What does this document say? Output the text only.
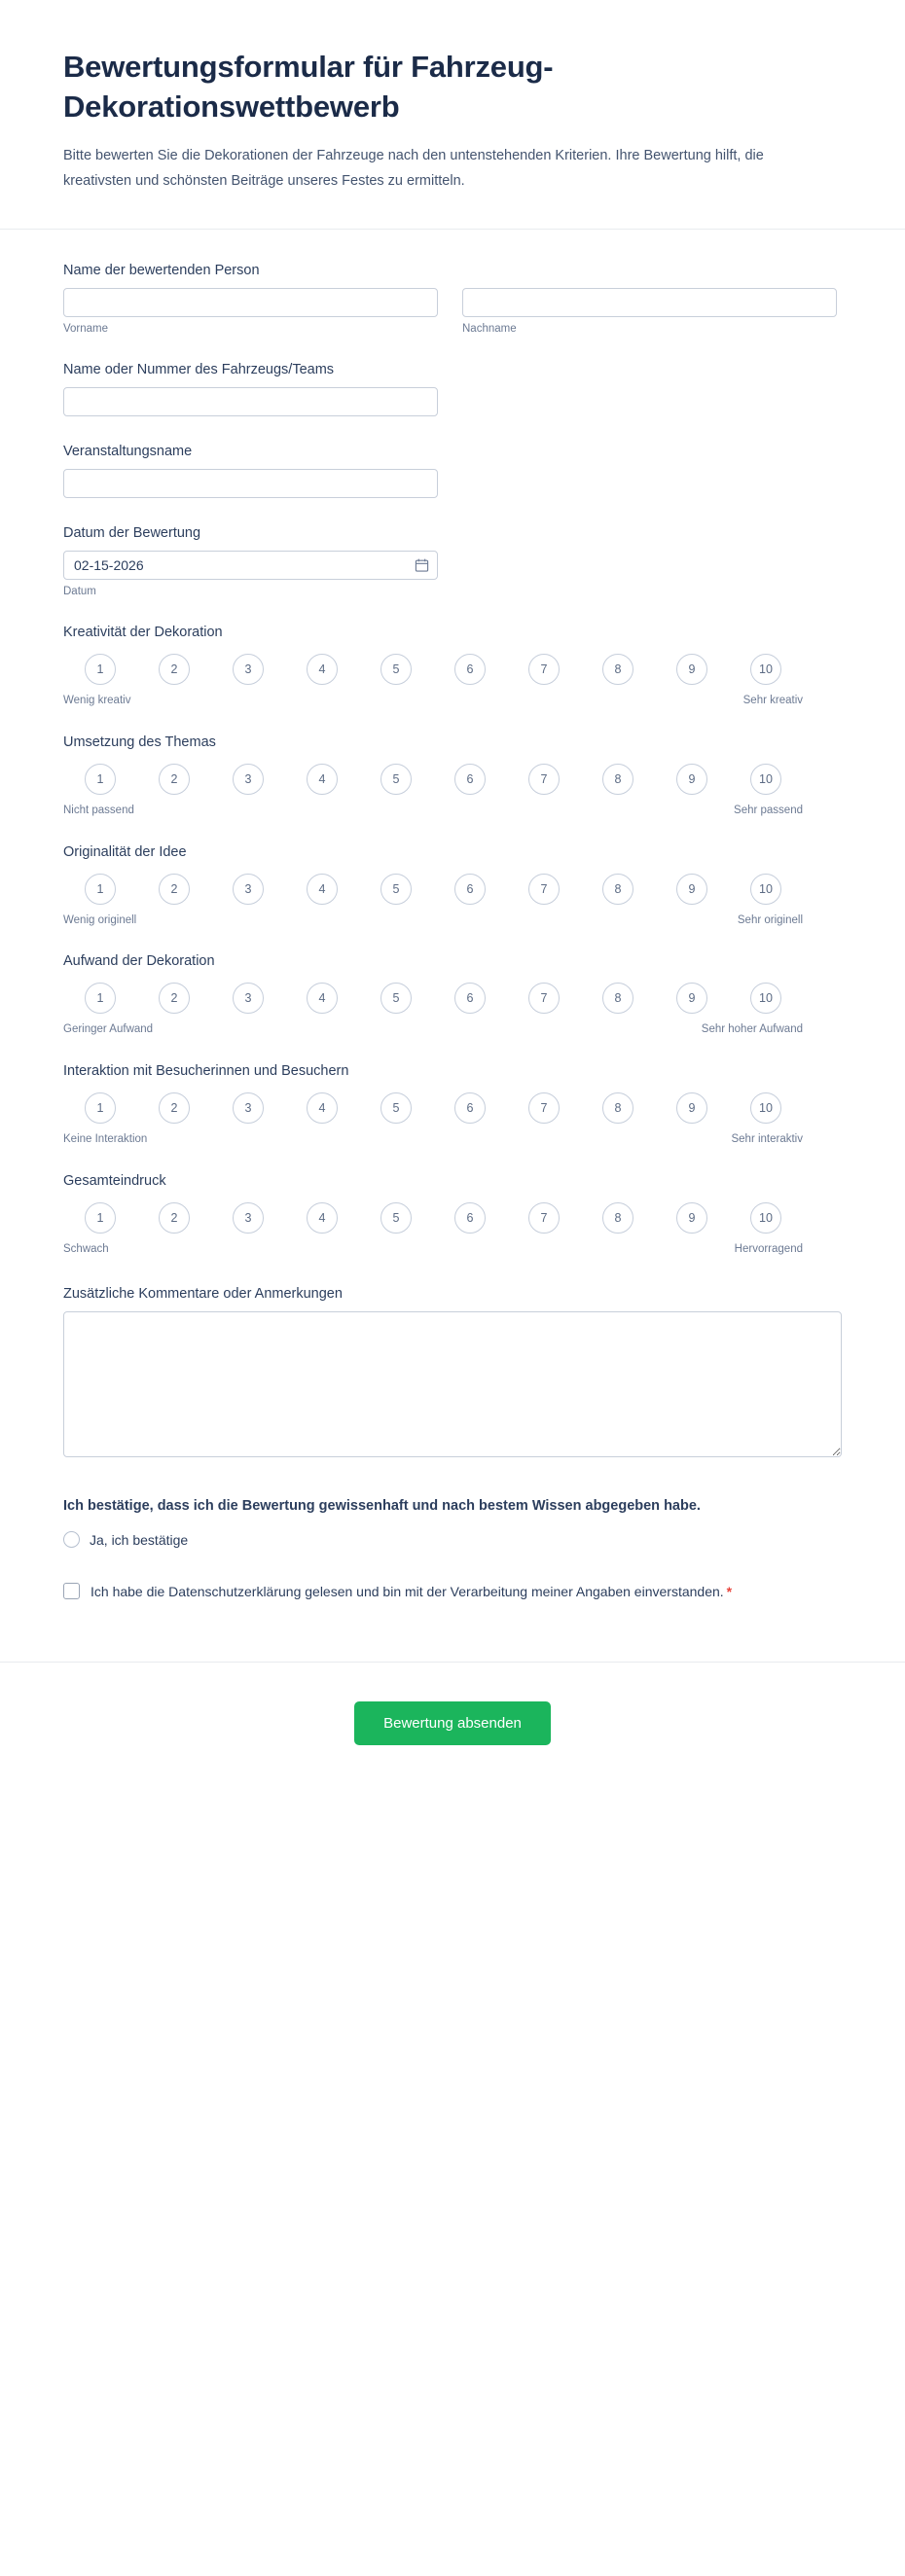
Bewertungsformular für Fahrzeug-Dekorationswettbewerb

Bitte bewerten Sie die Dekorationen der Fahrzeuge nach den untenstehenden Kriterien. Ihre Bewertung hilft, die kreativsten und schönsten Beiträge unseres Festes zu ermitteln.

Name der bewertenden Person
Vorname	Nachname
Name oder Nummer des Fahrzeugs/Teams
Veranstaltungsname
Datum der Bewertung
02-15-2026
Datum
Kreativität der Dekoration
1	2	3	4	5	6	7	8	9	10
Wenig kreativ	Sehr kreativ
Umsetzung des Themas
1	2	3	4	5	6	7	8	9	10
Nicht passend	Sehr passend
Originalität der Idee
1	2	3	4	5	6	7	8	9	10
Wenig originell	Sehr originell
Aufwand der Dekoration
1	2	3	4	5	6	7	8	9	10
Geringer Aufwand	Sehr hoher Aufwand
Interaktion mit Besucherinnen und Besuchern
1	2	3	4	5	6	7	8	9	10
Keine Interaktion	Sehr interaktiv
Gesamteindruck
1	2	3	4	5	6	7	8	9	10
Schwach	Hervorragend
Zusätzliche Kommentare oder Anmerkungen
Ich bestätige, dass ich die Bewertung gewissenhaft und nach bestem Wissen abgegeben habe.
Ja, ich bestätige
Ich habe die Datenschutzerklärung gelesen und bin mit der Verarbeitung meiner Angaben einverstanden. *
Bewertung absenden
